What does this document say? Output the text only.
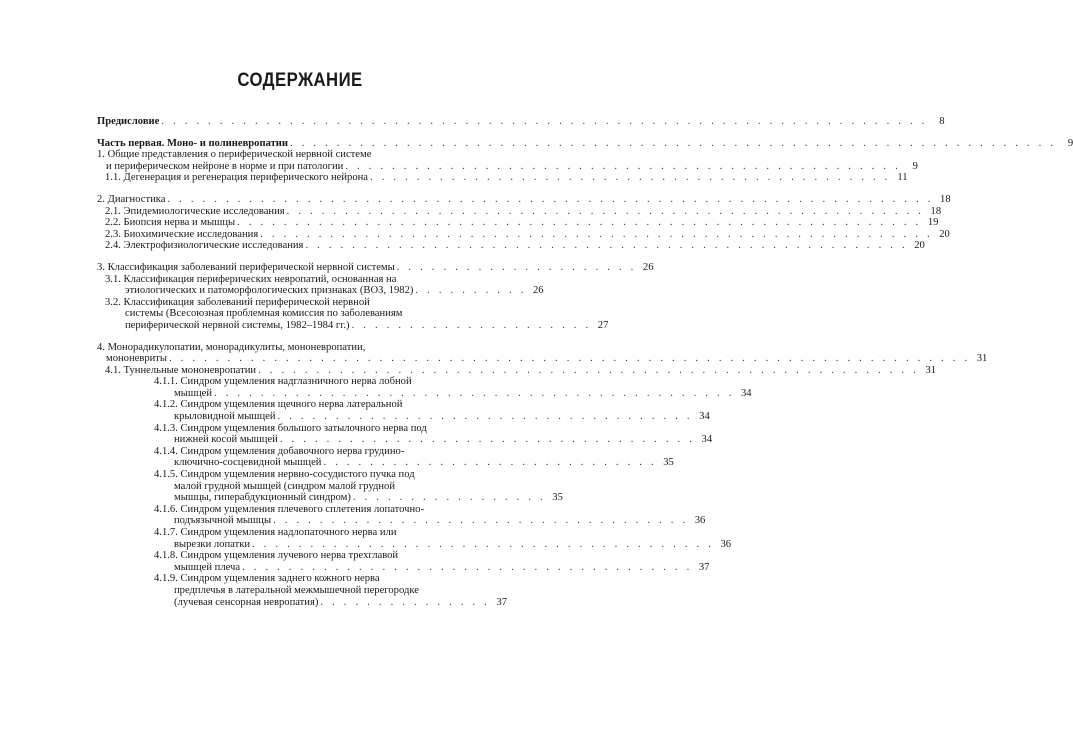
СОДЕРЖАНИЕ
Предисловие . . . . . . . . . . . . . . . . . . . . . . . . . . . . . . . . . . . . . . . . . . . . . . . . . . . . . . . . . . . . . . . . . .	8
Часть первая. Моно- и полиневропатии . . . . . . . . . . . . . . . . . . . . . . . . . . . . . . . . . . . . . . . . . . . . . . . . . . . . . . . . . . . . . . . . . .	9
1. Общие представления о периферической нервной системе
и периферическом нейроне в норме и при патологии . . . . . . . . . . . . . . . . . . . . . . . . . . . . . . . . . . . . . . . . . . . . . . . .	9
1.1. Дегенерация и регенерация периферического нейрона . . . . . . . . . . . . . . . . . . . . . . . . . . . . . . . . . . . . . . . . . . . . . 11
2. Диагностика . . . . . . . . . . . . . . . . . . . . . . . . . . . . . . . . . . . . . . . . . . . . . . . . . . . . . . . . . . . . . . . . . . 18
2.1. Эпидемиологические исследования . . . . . . . . . . . . . . . . . . . . . . . . . . . . . . . . . . . . . . . . . . . . . . . . . . . . . . . 18
2.2. Биопсия нерва и мышцы . . . . . . . . . . . . . . . . . . . . . . . . . . . . . . . . . . . . . . . . . . . . . . . . . . . . . . . . . . . 19
2.3. Биохимические исследования . . . . . . . . . . . . . . . . . . . . . . . . . . . . . . . . . . . . . . . . . . . . . . . . . . . . . . . . . . 20
2.4. Электрофизиологические исследования . . . . . . . . . . . . . . . . . . . . . . . . . . . . . . . . . . . . . . . . . . . . . . . . . . . . 20
3. Классификация заболеваний периферической нервной системы . . . . . . . . . . . . . . . . . . . . . 26
3.1. Классификация периферических невропатий, основанная на
этиологических и патоморфологических признаках (ВОЗ, 1982) . . . . . . . . . . 26
3.2. Классификация заболеваний периферической нервной
системы (Всесоюзная проблемная комиссия по заболеваниям
периферической нервной системы, 1982–1984 гг.) . . . . . . . . . . . . . . . . . . . . . 27
4. Монорадикулопатии, монорадикулиты, мононевропатии,
мононевриты . . . . . . . . . . . . . . . . . . . . . . . . . . . . . . . . . . . . . . . . . . . . . . . . . . . . . . . . . . . . . . . . . . . . . 31
4.1. Туннельные мононевропатии . . . . . . . . . . . . . . . . . . . . . . . . . . . . . . . . . . . . . . . . . . . . . . . . . . . . . . . . . 31
4.1.1. Синдром ущемления надглазничного нерва лобной
мышцей . . . . . . . . . . . . . . . . . . . . . . . . . . . . . . . . . . . . . . . . . . . . . 34
4.1.2. Синдром ущемления щечного нерва латеральной
крыловидной мышцей . . . . . . . . . . . . . . . . . . . . . . . . . . . . . . . . . . . . 34
4.1.3. Синдром ущемления большого затылочного нерва под
нижней косой мышцей . . . . . . . . . . . . . . . . . . . . . . . . . . . . . . . . . . . . 34
4.1.4. Синдром ущемления добавочного нерва грудино-
ключично-сосцевидной мышцей . . . . . . . . . . . . . . . . . . . . . . . . . . . . . 35
4.1.5. Синдром ущемления нервно-сосудистого пучка под
малой грудной мышцей (синдром малой грудной
мышцы, гиперабдукционный синдром) . . . . . . . . . . . . . . . . . 35
4.1.6. Синдром ущемления плечевого сплетения лопаточно-
подъязычной мышцы . . . . . . . . . . . . . . . . . . . . . . . . . . . . . . . . . . . . 36
4.1.7. Синдром ущемления надлопаточного нерва или
вырезки лопатки . . . . . . . . . . . . . . . . . . . . . . . . . . . . . . . . . . . . . . . . 36
4.1.8. Синдром ущемления лучевого нерва трехглавой
мышцей плеча . . . . . . . . . . . . . . . . . . . . . . . . . . . . . . . . . . . . . . . 37
4.1.9. Синдром ущемления заднего кожного нерва
предплечья в латеральной межмышечной перегородке
(лучевая сенсорная невропатия) . . . . . . . . . . . . . . . 37
